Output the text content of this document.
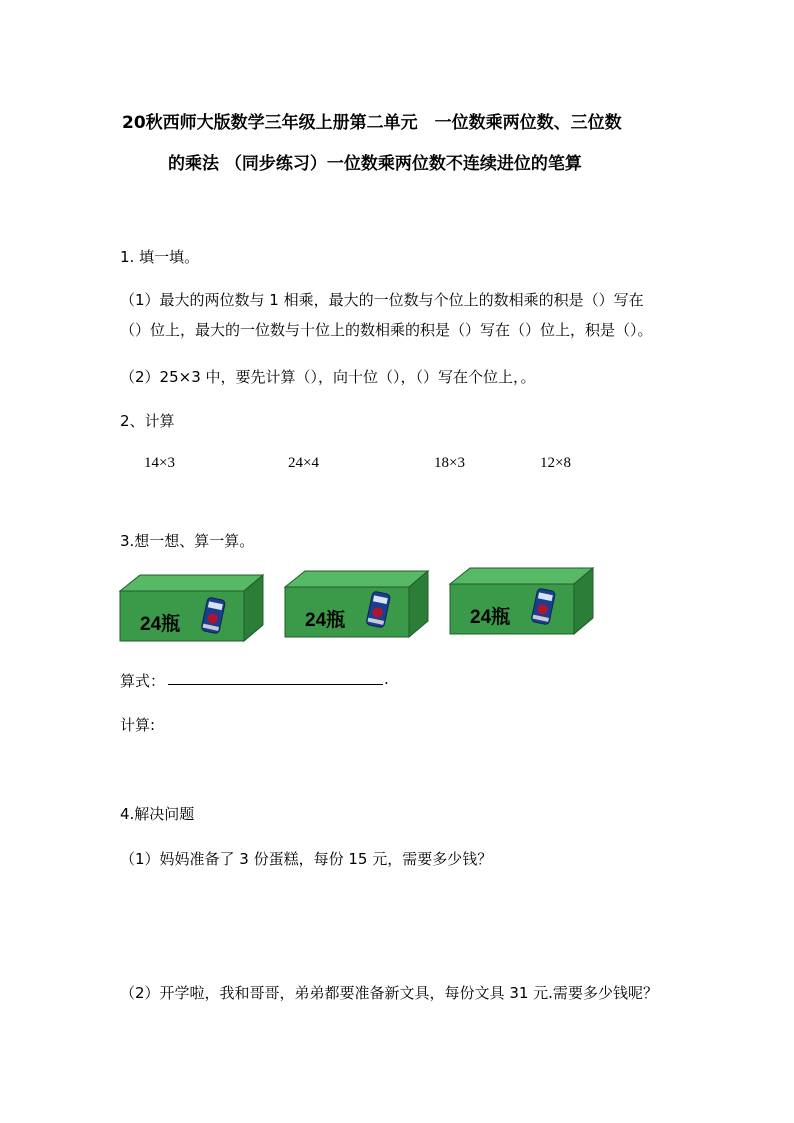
20秋西师大版数学三年级上册第二单元　一位数乘两位数、三位数
的乘法 （同步练习）一位数乘两位数不连续进位的笔算
1. 填一填。
（1）最大的两位数与 1 相乘，最大的一位数与个位上的数相乘的积是（）写在
（）位上，最大的一位数与十位上的数相乘的积是（）写在（）位上，积是（）。
（2）25×3 中，要先计算（），向十位（），（）写在个位上，。
2、计算
14×3	24×4	18×3	12×8
3.想一想、算一算。
24瓶	24瓶	24瓶
算式：	.
计算:
4.解决问题
（1）妈妈准备了 3 份蛋糕，每份 15 元，需要多少钱？
（2）开学啦，我和哥哥，弟弟都要准备新文具，每份文具 31 元.需要多少钱呢？
